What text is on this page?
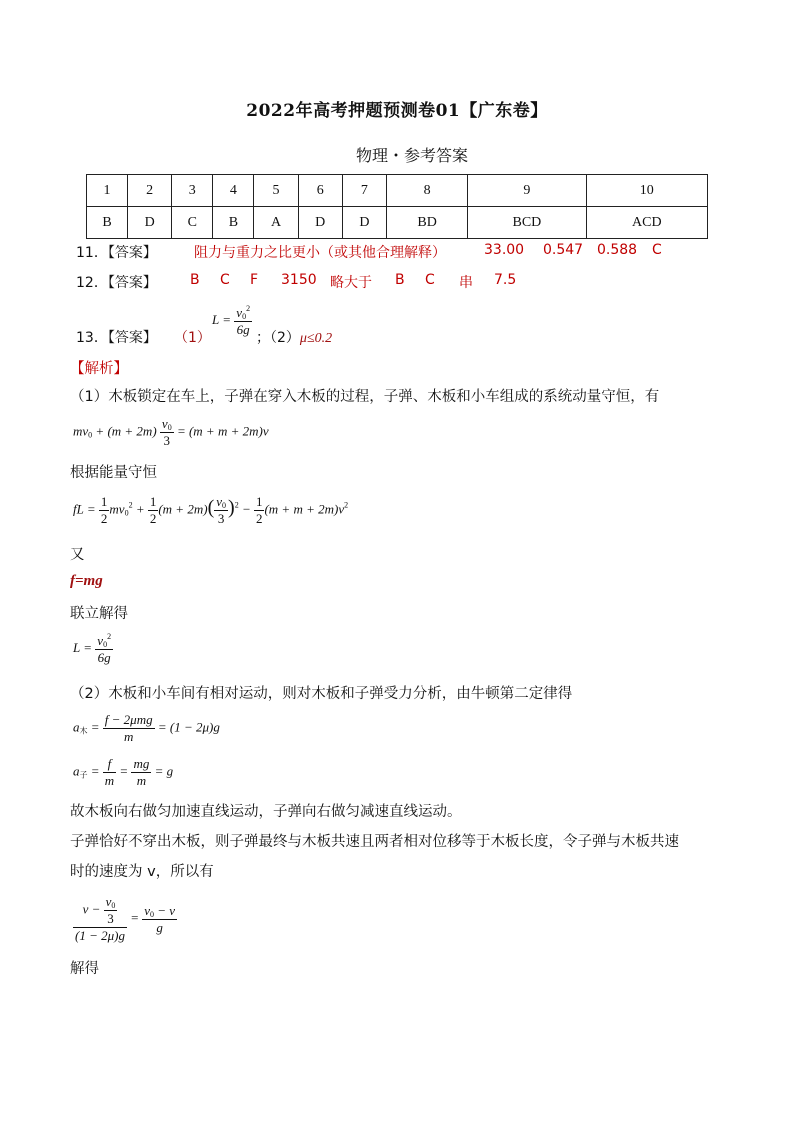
2022年高考押题预测卷01【广东卷】
物理・参考答案
1	2	3	4	5	6	7	8	9	10
B	D	C	B	A	D	D	BD	BCD	ACD
11．【答案】	阻力与重力之比更小（或其他合理解释）	33.00 0.547 0.588 C
12．【答案】 B C F 3150 略大于 B C 串 7.5
13．【答案】 （1）
$L = \frac{v_0^2}{6g}$ ；（2）μ≤0.2
【解析】
（1）木板锁定在车上，子弹在穿入木板的过程，子弹、木板和小车组成的系统动量守恒，有
$mv_0 + (m + 2m) \frac{v_0}{3} = (m + m + 2m)v$
根据能量守恒
fL = $\frac{1}{2} mv_0^2 + \frac{1}{2} (m + 2m)( \frac{v_0}{3} )^2 - \frac{1}{2} (m + m + 2m)v^2$
又
f=mg
联立解得
$L = \frac{v_0^2}{6g}$
（2）木板和小车间有相对运动，则对木板和子弹受力分析，由牛顿第二定律得
$a_木 = \frac{\text{f − 2μmg}}{m} = (1 - 2\mu)g$
$a_子 = \frac{f}{m} = \frac{mg}{m} = g$
故木板向右做匀加速直线运动，子弹向右做匀减速直线运动。
子弹恰好不穿出木板，则子弹最终与木板共速且两者相对位移等于木板长度，令子弹与木板共速
时的速度为 v，所以有
$\frac{v - \frac{v_0}{3}}{(1 - 2\mu)g} = \frac{v_0 - v}{g}$
解得
